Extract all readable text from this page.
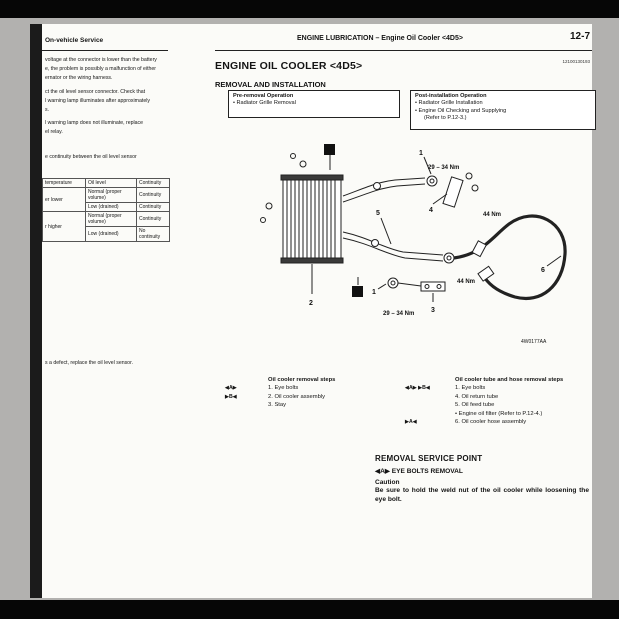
On-vehicle Service
voltage at the connector is lower than the battery
e, the problem is possibly a malfunction of either
ernator or the wiring harness.
ct the oil level sensor connector. Check that
l warning lamp illuminates after approximately
s.
l warning lamp does not illuminate, replace
el relay.
e continuity between the oil level sensor
temperature	Oil level	Continuity
er lower	Normal (proper volume)	Continuity
	Low (drained)	Continuity
r higher	Normal (proper volume)	Continuity
	Low (drained)	No continuity
s a defect, replace the oil level sensor.
ENGINE LUBRICATION – Engine Oil Cooler <4D5>	12-7
ENGINE OIL COOLER <4D5>	12100130193
REMOVAL AND INSTALLATION
Pre-removal Operation
• Radiator Grille Removal
Post-installation Operation
• Radiator Grille Installation
• Engine Oil Checking and Supplying
(Refer to P.12-3.)
N
N
1
29 – 34 Nm
4
44 Nm
5
2
1
3
44 Nm
29 – 34 Nm
6
4W0177AA
Oil cooler removal steps
◀A▶	1. Eye bolts
▶B◀	2. Oil cooler assembly
3. Stay
Oil cooler tube and hose removal steps
◀A▶ ▶B◀	1. Eye bolts
4. Oil return tube
5. Oil feed tube
• Engine oil filter (Refer to P.12-4.)
▶A◀	6. Oil cooler hose assembly
REMOVAL SERVICE POINT
◀A▶ EYE BOLTS REMOVAL
Caution
Be sure to hold the weld nut of the oil cooler while loosening the eye bolt.
